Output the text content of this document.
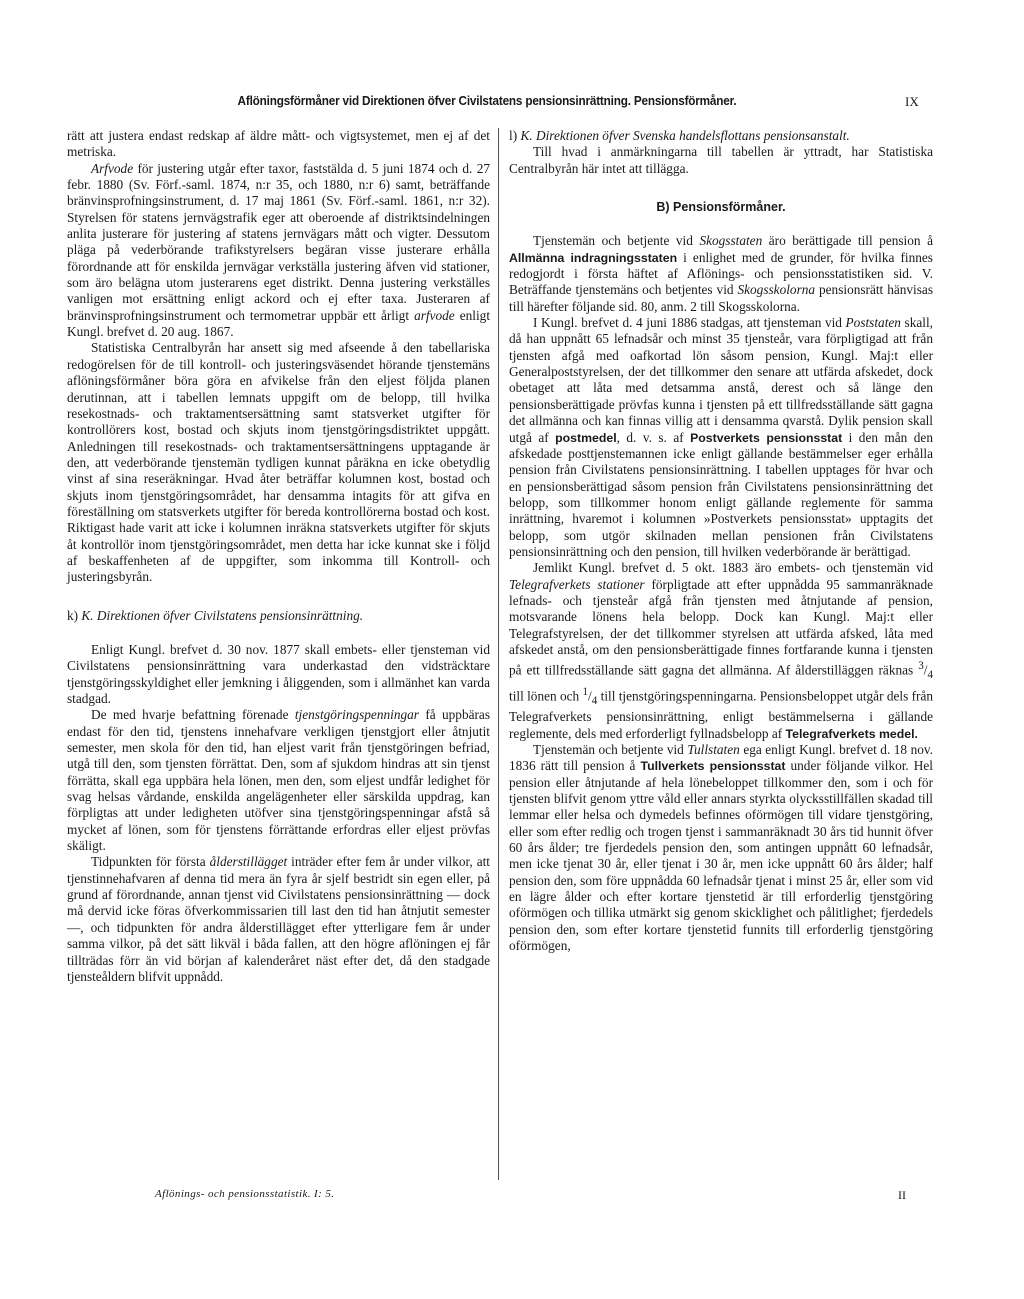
Aflöningsförmåner vid Direktionen öfver Civilstatens pensionsinrättning. Pensionsförmåner.	IX

rätt att justera endast redskap af äldre mått- och vigtsystemet, men ej af det metriska.

Arfvode för justering utgår efter taxor, faststälda d. 5 juni 1874 och d. 27 febr. 1880 (Sv. Förf.-saml. 1874, n:r 35, och 1880, n:r 6) samt, beträffande bränvinsprofningsinstrument, d. 17 maj 1861 (Sv. Förf.-saml. 1861, n:r 32). Styrelsen för statens jernvägstrafik eger att oberoende af distriktsindelningen anlita justerare för justering af statens jernvägars mått och vigter. Dessutom pläga på vederbörande trafikstyrelsers begäran visse justerare erhålla förordnande att för enskilda jernvägar verkställa justering äfven vid stationer, som äro belägna utom justerarens eget distrikt. Denna justering verkställes vanligen mot ersättning enligt ackord och ej efter taxa. Justeraren af bränvinsprofningsinstrument och termometrar uppbär ett årligt arfvode enligt Kungl. brefvet d. 20 aug. 1867.

Statistiska Centralbyrån har ansett sig med afseende å den tabellariska redogörelsen för de till kontroll- och justeringsväsendet hörande tjenstemäns aflöningsförmåner böra göra en afvikelse från den eljest följda planen derutinnan, att i tabellen lemnats uppgift om de belopp, till hvilka resekostnads- och traktamentsersättning samt statsverket utgifter för kontrollörers kost, bostad och skjuts inom tjenstgöringsdistriktet uppgått. Anledningen till resekostnads- och traktamentsersättningens upptagande är den, att vederbörande tjenstemän tydligen kunnat påräkna en icke obetydlig vinst af sina reseräkningar. Hvad åter beträffar kolumnen kost, bostad och skjuts inom tjenstgöringsområdet, har densamma intagits för att gifva en föreställning om statsverkets utgifter för bereda kontrollörerna bostad och kost. Riktigast hade varit att icke i kolumnen inräkna statsverkets utgifter för skjuts åt kontrollör inom tjenstgöringsområdet, men detta har icke kunnat ske i följd af beskaffenheten af de uppgifter, som inkomma till Kontroll- och justeringsbyrån.

k) K. Direktionen öfver Civilstatens pensionsinrättning.

Enligt Kungl. brefvet d. 30 nov. 1877 skall embets- eller tjensteman vid Civilstatens pensionsinrättning vara underkastad den vidsträcktare tjenstgöringsskyldighet eller jemkning i åliggenden, som i allmänhet kan varda stadgad.

De med hvarje befattning förenade tjenstgöringspenningar få uppbäras endast för den tid, tjenstens innehafvare verkligen tjenstgjort eller åtnjutit semester, men skola för den tid, han eljest varit från tjenstgöringen befriad, utgå till den, som tjensten förrättat. Den, som af sjukdom hindras att sin tjenst förrätta, skall ega uppbära hela lönen, men den, som eljest undfår ledighet för svag helsas vårdande, enskilda angelägenheter eller särskilda uppdrag, kan förpligtas att under ledigheten utöfver sina tjenstgöringspenningar afstå så mycket af lönen, som för tjenstens förrättande erfordras eller eljest prövfas skäligt.

Tidpunkten för första ålderstillägget inträder efter fem år under vilkor, att tjenstinnehafvaren af denna tid mera än fyra år sjelf bestridt sin egen eller, på grund af förordnande, annan tjenst vid Civilstatens pensionsinrättning — dock må dervid icke föras öfverkommissarien till last den tid han åtnjutit semester —, och tidpunkten för andra ålderstillägget efter ytterligare fem år under samma vilkor, på det sätt likväl i båda fallen, att den högre aflöningen ej får tillträdas förr än vid början af kalenderåret näst efter det, då den stadgade tjensteåldern blifvit uppnådd.

l) K. Direktionen öfver Svenska handelsflottans pensionsanstalt.

Till hvad i anmärkningarna till tabellen är yttradt, har Statistiska Centralbyrån här intet att tillägga.

B) Pensionsförmåner.

Tjenstemän och betjente vid Skogsstaten äro berättigade till pension å Allmänna indragningsstaten i enlighet med de grunder, för hvilka finnes redogjordt i första häftet af Aflönings- och pensionsstatistiken sid. V. Beträffande tjenstemäns och betjentes vid Skogsskolorna pensionsrätt hänvisas till härefter följande sid. 80, anm. 2 till Skogsskolorna.

I Kungl. brefvet d. 4 juni 1886 stadgas, att tjensteman vid Poststaten skall, då han uppnått 65 lefnadsår och minst 35 tjensteår, vara förpligtigad att från tjensten afgå med oafkortad lön såsom pension, Kungl. Maj:t eller Generalpoststyrelsen, der det tillkommer den senare att utfärda afskedet, dock obetaget att låta med detsamma anstå, derest och så länge den pensionsberättigade prövfas kunna i tjensten på ett tillfredsställande sätt gagna det allmänna och kan finnas villig att i densamma qvarstå. Dylik pension skall utgå af postmedel, d. v. s. af Postverkets pensionsstat i den mån den afskedade posttjenstemannen icke enligt gällande bestämmelser eger erhålla pension från Civilstatens pensionsinrättning. I tabellen upptages för hvar och en pensionsberättigad såsom pension från Civilstatens pensionsinrättning det belopp, som tillkommer honom enligt gällande reglemente för samma inrättning, hvaremot i kolumnen »Postverkets pensionsstat» upptagits det belopp, som utgör skilnaden mellan pensionen från Civilstatens pensionsinrättning och den pension, till hvilken vederbörande är berättigad.

Jemlikt Kungl. brefvet d. 5 okt. 1883 äro embets- och tjenstemän vid Telegrafverkets stationer förpligtade att efter uppnådda 95 sammanräknade lefnads- och tjensteår afgå från tjensten med åtnjutande af pension, motsvarande lönens hela belopp. Dock kan Kungl. Maj:t eller Telegrafstyrelsen, der det tillkommer styrelsen att utfärda afsked, låta med afskedet anstå, om den pensionsberättigade finnes fortfarande kunna i tjensten på ett tillfredsställande sätt gagna det allmänna. Af ålderstilläggen räknas $^3/_4$ till lönen och $^1/_4$ till tjenstgöringspenningarna. Pensionsbeloppet utgår dels från Telegrafverkets pensionsinrättning, enligt bestämmelserna i gällande reglemente, dels med erforderligt fyllnadsbelopp af Telegrafverkets medel.

Tjenstemän och betjente vid Tullstaten ega enligt Kungl. brefvet d. 18 nov. 1836 rätt till pension å Tullverkets pensionsstat under följande vilkor. Hel pension eller åtnjutande af hela lönebeloppet tillkommer den, som i och för tjensten blifvit genom yttre våld eller annars styrkta olycksstillfällen skadad till lemmar eller helsa och dymedels befinnes oförmögen till vidare tjenstgöring, eller som efter redlig och trogen tjenst i sammanräknadt 30 års tid hunnit öfver 60 års ålder; tre fjerdedels pension den, som antingen uppnått 60 lefnadsår, men icke tjenat 30 år, eller tjenat i 30 år, men icke uppnått 60 års ålder; half pension den, som före uppnådda 60 lefnadsår tjenat i minst 25 år, eller som vid en lägre ålder och efter kortare tjenstetid är till erforderlig tjenstgöring oförmögen och tillika utmärkt sig genom skicklighet och pålitlighet; fjerdedels pension den, som efter kortare tjenstetid funnits till erforderlig tjenstgöring oförmögen,

Aflönings- och pensionsstatistik. I: 5.	II
